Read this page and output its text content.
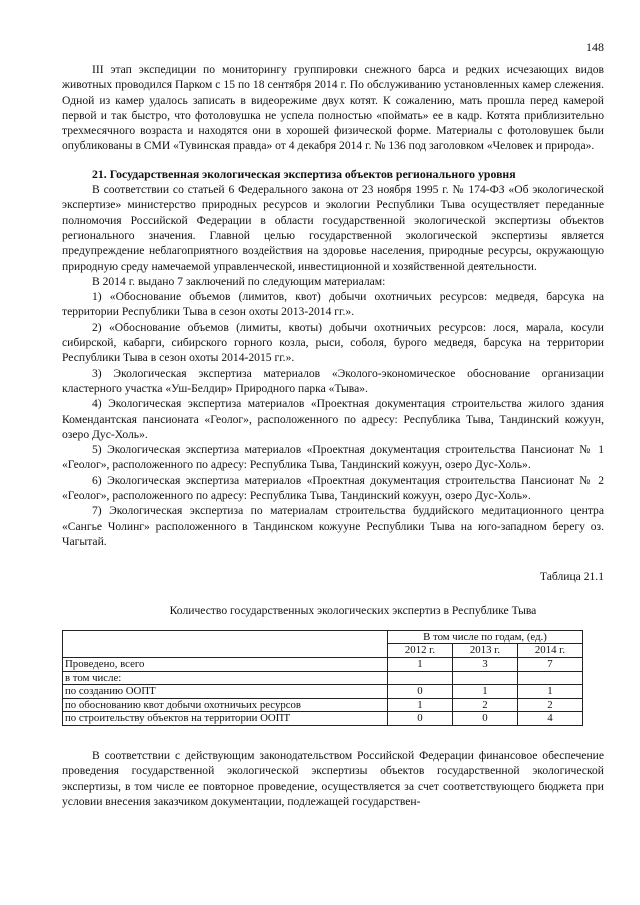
148

III этап экспедиции по мониторингу группировки снежного барса и редких исчезающих видов животных проводился Парком с 15 по 18 сентября 2014 г. По обслуживанию установленных камер слежения. Одной из камер удалось записать в видеорежиме двух котят. К сожалению, мать прошла перед камерой первой и так быстро, что фотоловушка не успела полностью «поймать» ее в кадр. Котята приблизительно трехмесячного возраста и находятся они в хорошей физической форме. Материалы с фотоловушек были опубликованы в СМИ «Тувинская правда» от 4 декабря 2014 г. № 136 под заголовком «Человек и природа».

21. Государственная экологическая экспертиза объектов регионального уровня

В соответствии со статьей 6 Федерального закона от 23 ноября 1995 г. № 174-ФЗ «Об экологической экспертизе» министерство природных ресурсов и экологии Республики Тыва осуществляет переданные полномочия Российской Федерации в области государственной экологической экспертизы объектов регионального значения. Главной целью государственной экологической экспертизы является предупреждение неблагоприятного воздействия на здоровье населения, природные ресурсы, окружающую природную среду намечаемой управленческой, инвестиционной и хозяйственной деятельности.

В 2014 г. выдано 7 заключений по следующим материалам:

1) «Обоснование объемов (лимитов, квот) добычи охотничьих ресурсов: медведя, барсука на территории Республики Тыва в сезон охоты 2013-2014 гг.».

2) «Обоснование объемов (лимиты, квоты) добычи охотничьих ресурсов: лося, марала, косули сибирской, кабарги, сибирского горного козла, рыси, соболя, бурого медведя, барсука на территории Республики Тыва в сезон охоты 2014-2015 гг.».

3) Экологическая экспертиза материалов «Эколого-экономическое обоснование организации кластерного участка «Уш-Белдир» Природного парка «Тыва».

4) Экологическая экспертиза материалов «Проектная документация строительства жилого здания Комендантская пансионата «Геолог», расположенного по адресу: Республика Тыва, Тандинский кожуун, озеро Дус-Холь».

5) Экологическая экспертиза материалов «Проектная документация строительства Пансионат № 1 «Геолог», расположенного по адресу: Республика Тыва, Тандинский кожуун, озеро Дус-Холь».

6) Экологическая экспертиза материалов «Проектная документация строительства Пансионат № 2 «Геолог», расположенного по адресу: Республика Тыва, Тандинский кожуун, озеро Дус-Холь».

7) Экологическая экспертиза по материалам строительства буддийского медитационного центра «Сангье Чолинг» расположенного в Тандинском кожууне Республики Тыва на юго-западном берегу оз. Чагытай.

Таблица 21.1
Количество государственных экологических экспертиз в Республике Тыва
	В том числе по годам, (ед.)		
	2012 г.	2013 г.	2014 г.
Проведено, всего	1	3	7
в том числе:			
по созданию ООПТ	0	1	1
по обоснованию квот добычи охотничьих ресурсов	1	2	2
по строительству объектов на территории ООПТ	0	0	4

В соответствии с действующим законодательством Российской Федерации финансовое обеспечение проведения государственной экологической экспертизы объектов государственной экологической экспертизы, в том числе ее повторное проведение, осуществляется за счет соответствующего бюджета при условии внесения заказчиком документации, подлежащей государствен-
